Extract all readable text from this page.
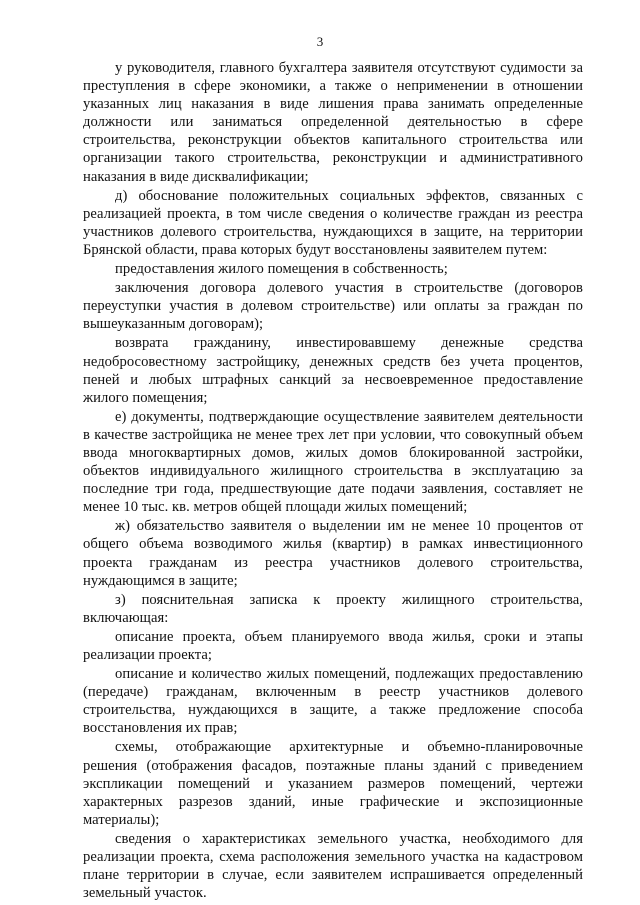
3

у руководителя, главного бухгалтера заявителя отсутствуют судимости за преступления в сфере экономики, а также о неприменении в отношении указанных лиц наказания в виде лишения права занимать определенные должности или заниматься определенной деятельностью в сфере строительства, реконструкции объектов капитального строительства или организации такого строительства, реконструкции и административного наказания в виде дисквалификации;

д) обоснование положительных социальных эффектов, связанных с реализацией проекта, в том числе сведения о количестве граждан из реестра участников долевого строительства, нуждающихся в защите, на территории Брянской области, права которых будут восстановлены заявителем путем:

предоставления жилого помещения в собственность;

заключения договора долевого участия в строительстве (договоров переуступки участия в долевом строительстве) или оплаты за граждан по вышеуказанным договорам);

возврата гражданину, инвестировавшему денежные средства недобросовестному застройщику, денежных средств без учета процентов, пеней и любых штрафных санкций за несвоевременное предоставление жилого помещения;

е) документы, подтверждающие осуществление заявителем деятельности в качестве застройщика не менее трех лет при условии, что совокупный объем ввода многоквартирных домов, жилых домов блокированной застройки, объектов индивидуального жилищного строительства в эксплуатацию за последние три года, предшествующие дате подачи заявления, составляет не менее 10 тыс. кв. метров общей площади жилых помещений;

ж) обязательство заявителя о выделении им не менее 10 процентов от общего объема возводимого жилья (квартир) в рамках инвестиционного проекта гражданам из реестра участников долевого строительства, нуждающимся в защите;

з) пояснительная записка к проекту жилищного строительства, включающая:

описание проекта, объем планируемого ввода жилья, сроки и этапы реализации проекта;

описание и количество жилых помещений, подлежащих предоставлению (передаче) гражданам, включенным в реестр участников долевого строительства, нуждающихся в защите, а также предложение способа восстановления их прав;

схемы, отображающие архитектурные и объемно-планировочные решения (отображения фасадов, поэтажные планы зданий с приведением экспликации помещений и указанием размеров помещений, чертежи характерных разрезов зданий, иные графические и экспозиционные материалы);

сведения о характеристиках земельного участка, необходимого для реализации проекта, схема расположения земельного участка на кадастровом плане территории в случае, если заявителем испрашивается определенный земельный участок.
